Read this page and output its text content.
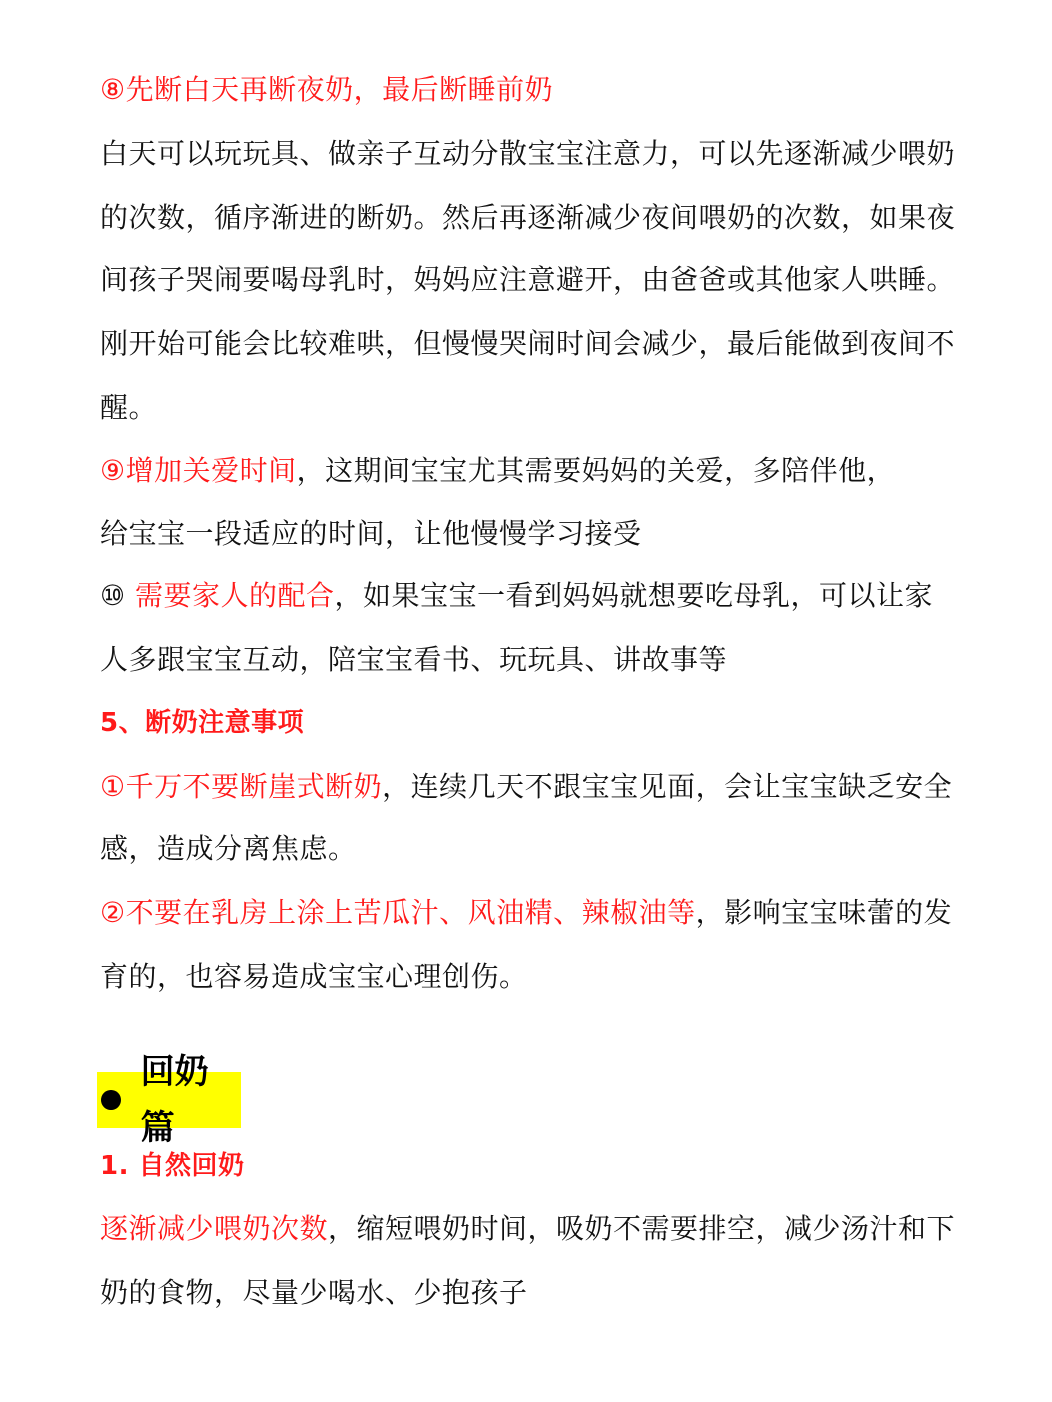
⑧先断白天再断夜奶，最后断睡前奶
白天可以玩玩具、做亲子互动分散宝宝注意力，可以先逐渐减少喂奶
的次数，循序渐进的断奶。然后再逐渐减少夜间喂奶的次数，如果夜
间孩子哭闹要喝母乳时，妈妈应注意避开，由爸爸或其他家人哄睡。
刚开始可能会比较难哄，但慢慢哭闹时间会减少，最后能做到夜间不
醒。
⑨增加关爱时间，这期间宝宝尤其需要妈妈的关爱，多陪伴他，
给宝宝一段适应的时间，让他慢慢学习接受
⑩ 需要家人的配合，如果宝宝一看到妈妈就想要吃母乳，可以让家
人多跟宝宝互动，陪宝宝看书、玩玩具、讲故事等
5、断奶注意事项
①千万不要断崖式断奶，连续几天不跟宝宝见面，会让宝宝缺乏安全
感，造成分离焦虑。
②不要在乳房上涂上苦瓜汁、风油精、辣椒油等，影响宝宝味蕾的发
育的，也容易造成宝宝心理创伤。
回奶篇
1. 自然回奶
逐渐减少喂奶次数，缩短喂奶时间，吸奶不需要排空，减少汤汁和下
奶的食物，尽量少喝水、少抱孩子
